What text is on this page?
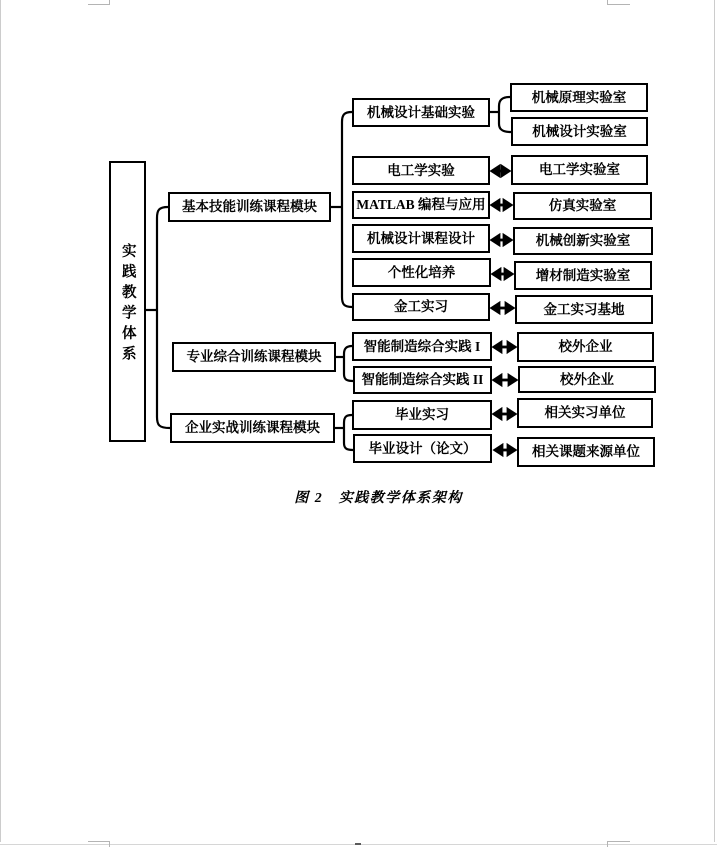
实践教学体系
基本技能训练课程模块
专业综合训练课程模块
企业实战训练课程模块
机械设计基础实验
电工学实验
MATLAB 编程与应用
机械设计课程设计
个性化培养
金工实习
智能制造综合实践 I
智能制造综合实践 II
毕业实习
毕业设计（论文）
机械原理实验室
机械设计实验室
电工学实验室
仿真实验室
机械创新实验室
增材制造实验室
金工实习基地
校外企业
校外企业
相关实习单位
相关课题来源单位
图 2　实践教学体系架构
